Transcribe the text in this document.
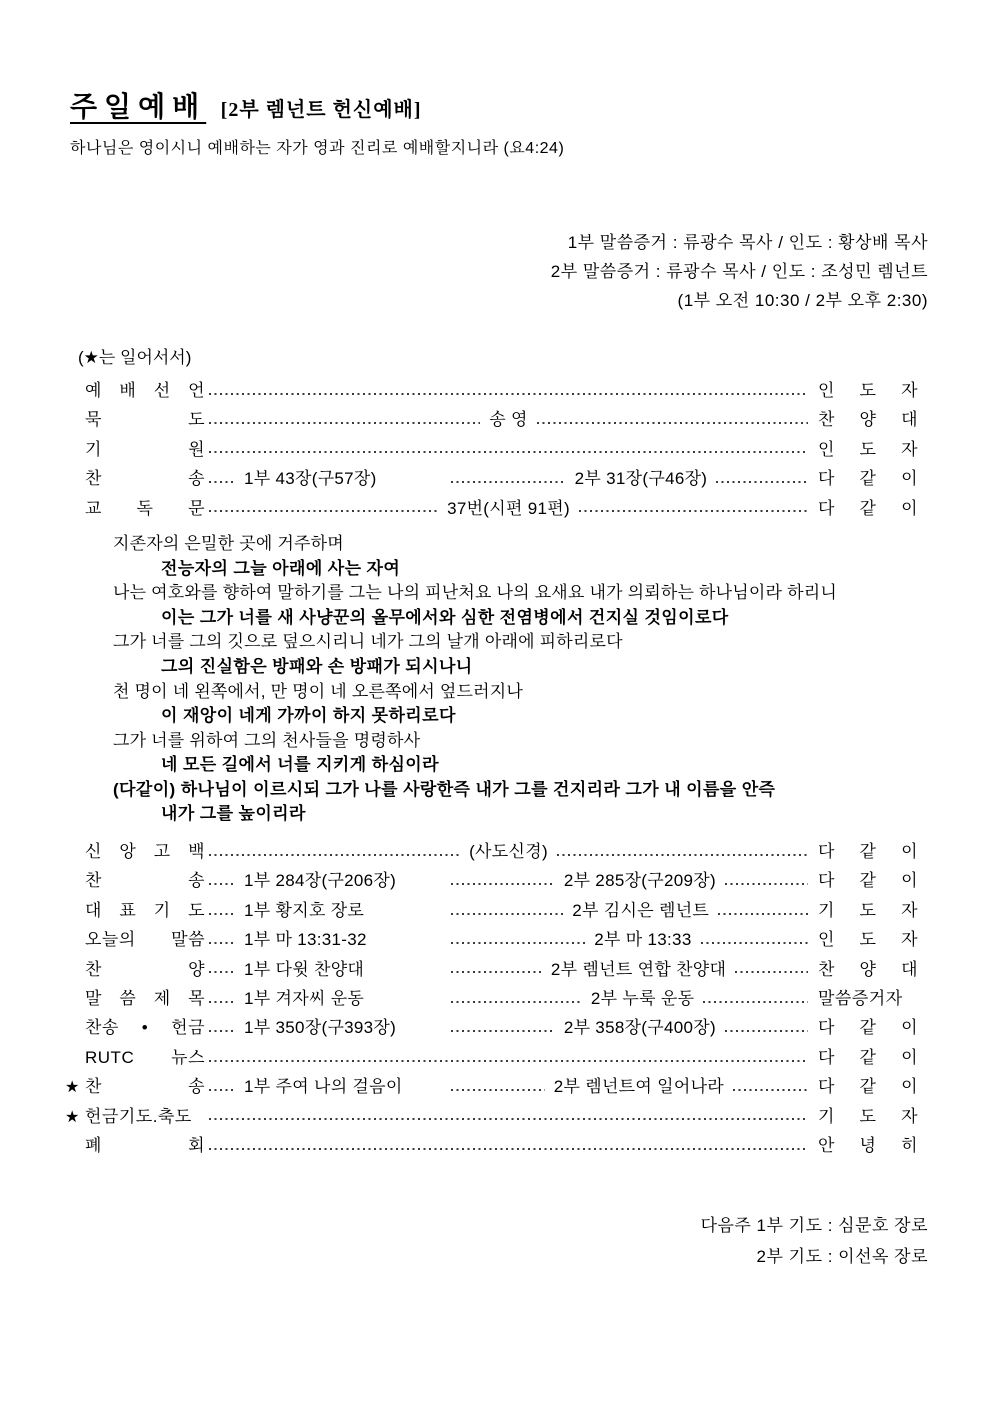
주일예배 [2부 렘넌트 헌신예배]
하나님은 영이시니 예배하는 자가 영과 진리로 예배할지니라 (요4:24)
1부 말씀증거 : 류광수 목사 / 인도 : 황상배 목사
2부 말씀증거 : 류광수 목사 / 인도 : 조성민 렘넌트
(1부 오전 10:30 / 2부 오후 2:30)
(★는 일어서서)
예 배 선 언	인 도 자
묵 도	송 영	찬 양 대
기 원	인 도 자
찬 송 1부 43장(구57장)	2부 31장(구46장)	다 같 이
교 독 문	37번(시편 91편)	다 같 이
지존자의 은밀한 곳에 거주하며
전능자의 그늘 아래에 사는 자여
나는 여호와를 향하여 말하기를 그는 나의 피난처요 나의 요새요 내가 의뢰하는 하나님이라 하리니
이는 그가 너를 새 사냥꾼의 올무에서와 심한 전염병에서 건지실 것임이로다
그가 너를 그의 깃으로 덮으시리니 네가 그의 날개 아래에 피하리로다
그의 진실함은 방패와 손 방패가 되시나니
천 명이 네 왼쪽에서, 만 명이 네 오른쪽에서 엎드러지나
이 재앙이 네게 가까이 하지 못하리로다
그가 너를 위하여 그의 천사들을 명령하사
네 모든 길에서 너를 지키게 하심이라
(다같이) 하나님이 이르시되 그가 나를 사랑한즉 내가 그를 건지리라 그가 내 이름을 안즉
내가 그를 높이리라
신 앙 고 백	(사도신경)	다 같 이
찬 송 1부 284장(구206장)	2부 285장(구209장)	다 같 이
대 표 기 도 1부 황지호 장로	2부 김시은 렘넌트	기 도 자
오늘의 말씀 1부 마 13:31-32	2부 마 13:33	인 도 자
찬 양 1부 다윗 찬양대	2부 렘넌트 연합 찬양대	찬 양 대
말 씀 제 목 1부 겨자씨 운동	2부 누룩 운동	말씀증거자
찬송 • 헌금 1부 350장(구393장)	2부 358장(구400장)	다 같 이
RUTC 뉴스	다 같 이
★ 찬 송 1부 주여 나의 걸음이	2부 렘넌트여 일어나라	다 같 이
★ 헌금기도.축도	기 도 자
폐 회	안 녕 히
다음주 1부 기도 : 심문호 장로
2부 기도 : 이선옥 장로
